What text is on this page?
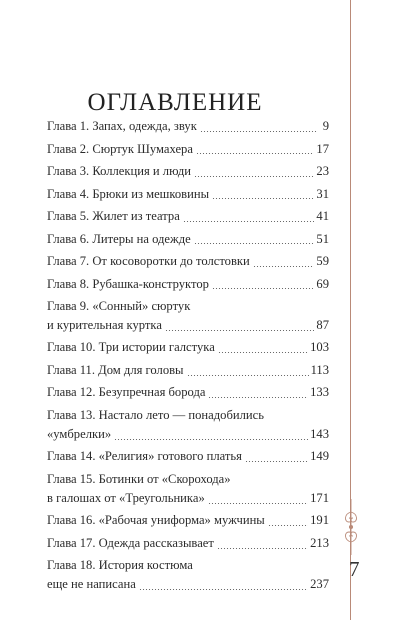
7
ОГЛАВЛЕНИЕ
Глава 1. Запах, одежда, звук	9
Глава 2. Сюртук Шумахера	17
Глава 3. Коллекция и люди	23
Глава 4. Брюки из мешковины	31
Глава 5. Жилет из театра	41
Глава 6. Литеры на одежде	51
Глава 7. От косоворотки до толстовки	59
Глава 8. Рубашка-конструктор	69
Глава 9. «Сонный» сюртук
и курительная куртка	87
Глава 10. Три истории галстука	103
Глава 11. Дом для головы	113
Глава 12. Безупречная борода	133
Глава 13. Настало лето — понадобились
«умбрелки»	143
Глава 14. «Религия» готового платья	149
Глава 15. Ботинки от «Скорохода»
в галошах от «Треугольника»	171
Глава 16. «Рабочая униформа» мужчины	191
Глава 17. Одежда рассказывает	213
Глава 18. История костюма
еще не написана	237
